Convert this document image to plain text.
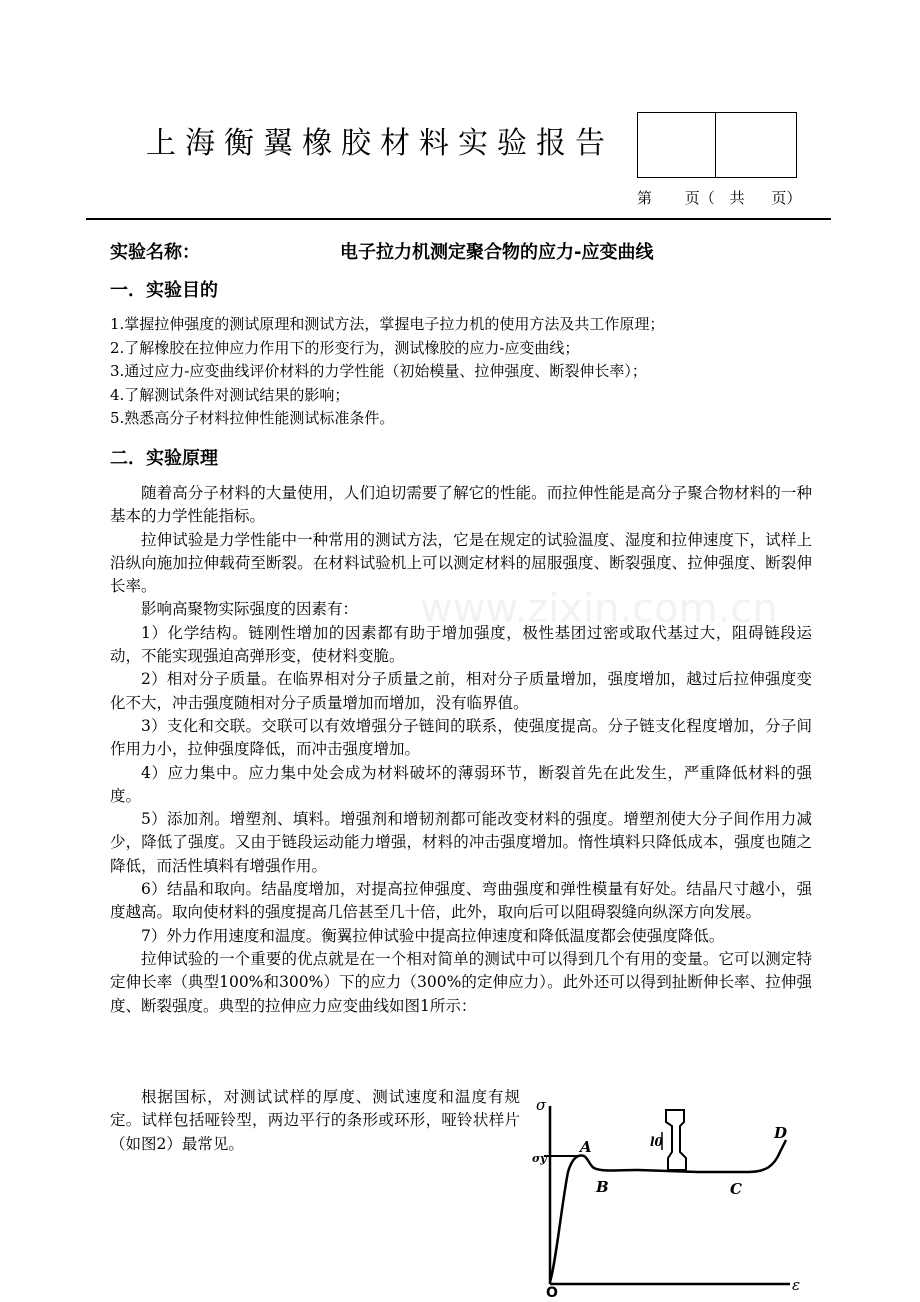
上海衡翼橡胶材料实验报告
第 页（ 共 页）
实验名称：	电子拉力机测定聚合物的应力-应变曲线
一．实验目的
1.掌握拉伸强度的测试原理和测试方法，掌握电子拉力机的使用方法及共工作原理；
2.了解橡胶在拉伸应力作用下的形变行为，测试橡胶的应力-应变曲线；
3.通过应力-应变曲线评价材料的力学性能（初始模量、拉伸强度、断裂伸长率）；
4.了解测试条件对测试结果的影响；
5.熟悉高分子材料拉伸性能测试标准条件。
二．实验原理
www.zixin.com.cn

随着高分子材料的大量使用，人们迫切需要了解它的性能。而拉伸性能是高分子聚合物材料的一种基本的力学性能指标。

拉伸试验是力学性能中一种常用的测试方法，它是在规定的试验温度、湿度和拉伸速度下，试样上沿纵向施加拉伸载荷至断裂。在材料试验机上可以测定材料的屈服强度、断裂强度、拉伸强度、断裂伸长率。

影响高聚物实际强度的因素有：

1）化学结构。链刚性增加的因素都有助于增加强度，极性基团过密或取代基过大，阻碍链段运动，不能实现强迫高弹形变，使材料变脆。

2）相对分子质量。在临界相对分子质量之前，相对分子质量增加，强度增加，越过后拉伸强度变化不大，冲击强度随相对分子质量增加而增加，没有临界值。

3）支化和交联。交联可以有效增强分子链间的联系，使强度提高。分子链支化程度增加，分子间作用力小，拉伸强度降低，而冲击强度增加。

4）应力集中。应力集中处会成为材料破坏的薄弱环节，断裂首先在此发生，严重降低材料的强度。

5）添加剂。增塑剂、填料。增强剂和增韧剂都可能改变材料的强度。增塑剂使大分子间作用力减少，降低了强度。又由于链段运动能力增强，材料的冲击强度增加。惰性填料只降低成本，强度也随之降低，而活性填料有增强作用。

6）结晶和取向。结晶度增加，对提高拉伸强度、弯曲强度和弹性模量有好处。结晶尺寸越小，强度越高。取向使材料的强度提高几倍甚至几十倍，此外，取向后可以阻碍裂缝向纵深方向发展。

7）外力作用速度和温度。衡翼拉伸试验中提高拉伸速度和降低温度都会使强度降低。

拉伸试验的一个重要的优点就是在一个相对简单的测试中可以得到几个有用的变量。它可以测定特定伸长率（典型100%和300%）下的应力（300%的定伸应力）。此外还可以得到扯断伸长率、拉伸强度、断裂强度。典型的拉伸应力应变曲线如图1所示：

根据国标，对测试试样的厚度、测试速度和温度有规定。试样包括哑铃型，两边平行的条形或环形，哑铃状样片（如图2）最常见。
σ
ε
O
σy
A
B	C
D
l0
